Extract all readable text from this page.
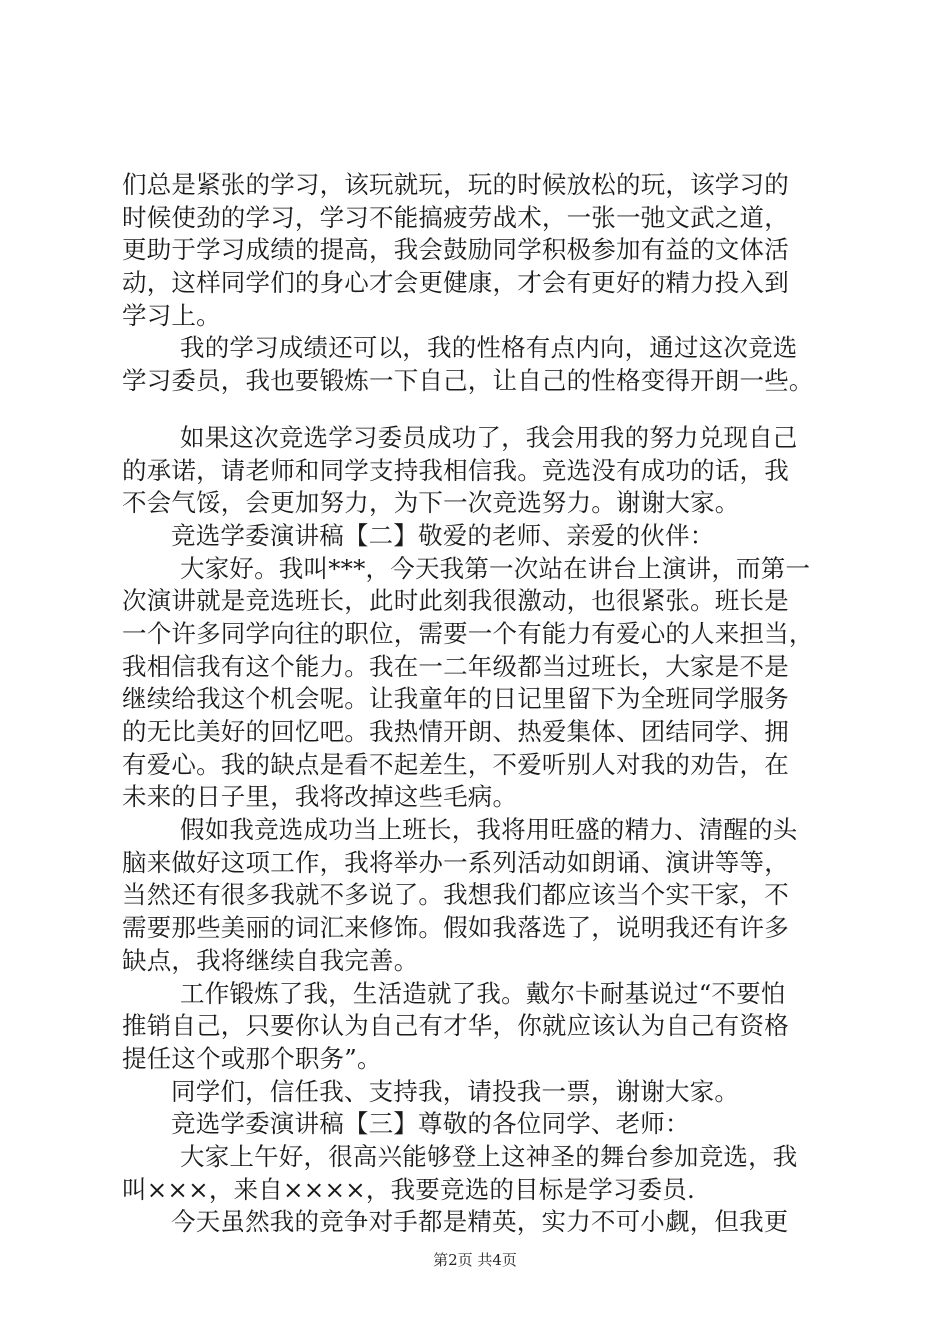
们总是紧张的学习，该玩就玩，玩的时候放松的玩，该学习的
时候使劲的学习，学习不能搞疲劳战术，一张一弛文武之道，
更助于学习成绩的提高，我会鼓励同学积极参加有益的文体活
动，这样同学们的身心才会更健康，才会有更好的精力投入到
学习上。
我的学习成绩还可以，我的性格有点内向，通过这次竞选
学习委员，我也要锻炼一下自己，让自己的性格变得开朗一些。
如果这次竞选学习委员成功了，我会用我的努力兑现自己
的承诺，请老师和同学支持我相信我。竞选没有成功的话，我
不会气馁，会更加努力，为下一次竞选努力。谢谢大家。
竞选学委演讲稿【二】敬爱的老师、亲爱的伙伴：
大家好。我叫***，今天我第一次站在讲台上演讲，而第一
次演讲就是竞选班长，此时此刻我很激动，也很紧张。班长是
一个许多同学向往的职位，需要一个有能力有爱心的人来担当，
我相信我有这个能力。我在一二年级都当过班长，大家是不是
继续给我这个机会呢。让我童年的日记里留下为全班同学服务
的无比美好的回忆吧。我热情开朗、热爱集体、团结同学、拥
有爱心。我的缺点是看不起差生，不爱听别人对我的劝告，在
未来的日子里，我将改掉这些毛病。
假如我竞选成功当上班长，我将用旺盛的精力、清醒的头
脑来做好这项工作，我将举办一系列活动如朗诵、演讲等等，
当然还有很多我就不多说了。我想我们都应该当个实干家，不
需要那些美丽的词汇来修饰。假如我落选了，说明我还有许多
缺点，我将继续自我完善。
工作锻炼了我，生活造就了我。戴尔卡耐基说过“不要怕
推销自己，只要你认为自己有才华，你就应该认为自己有资格
提任这个或那个职务”。
同学们，信任我、支持我，请投我一票，谢谢大家。
竞选学委演讲稿【三】尊敬的各位同学、老师：
大家上午好，很高兴能够登上这神圣的舞台参加竞选，我
叫×××，来自××××，我要竞选的目标是学习委员.
今天虽然我的竞争对手都是精英，实力不可小觑，但我更
第2页 共4页
